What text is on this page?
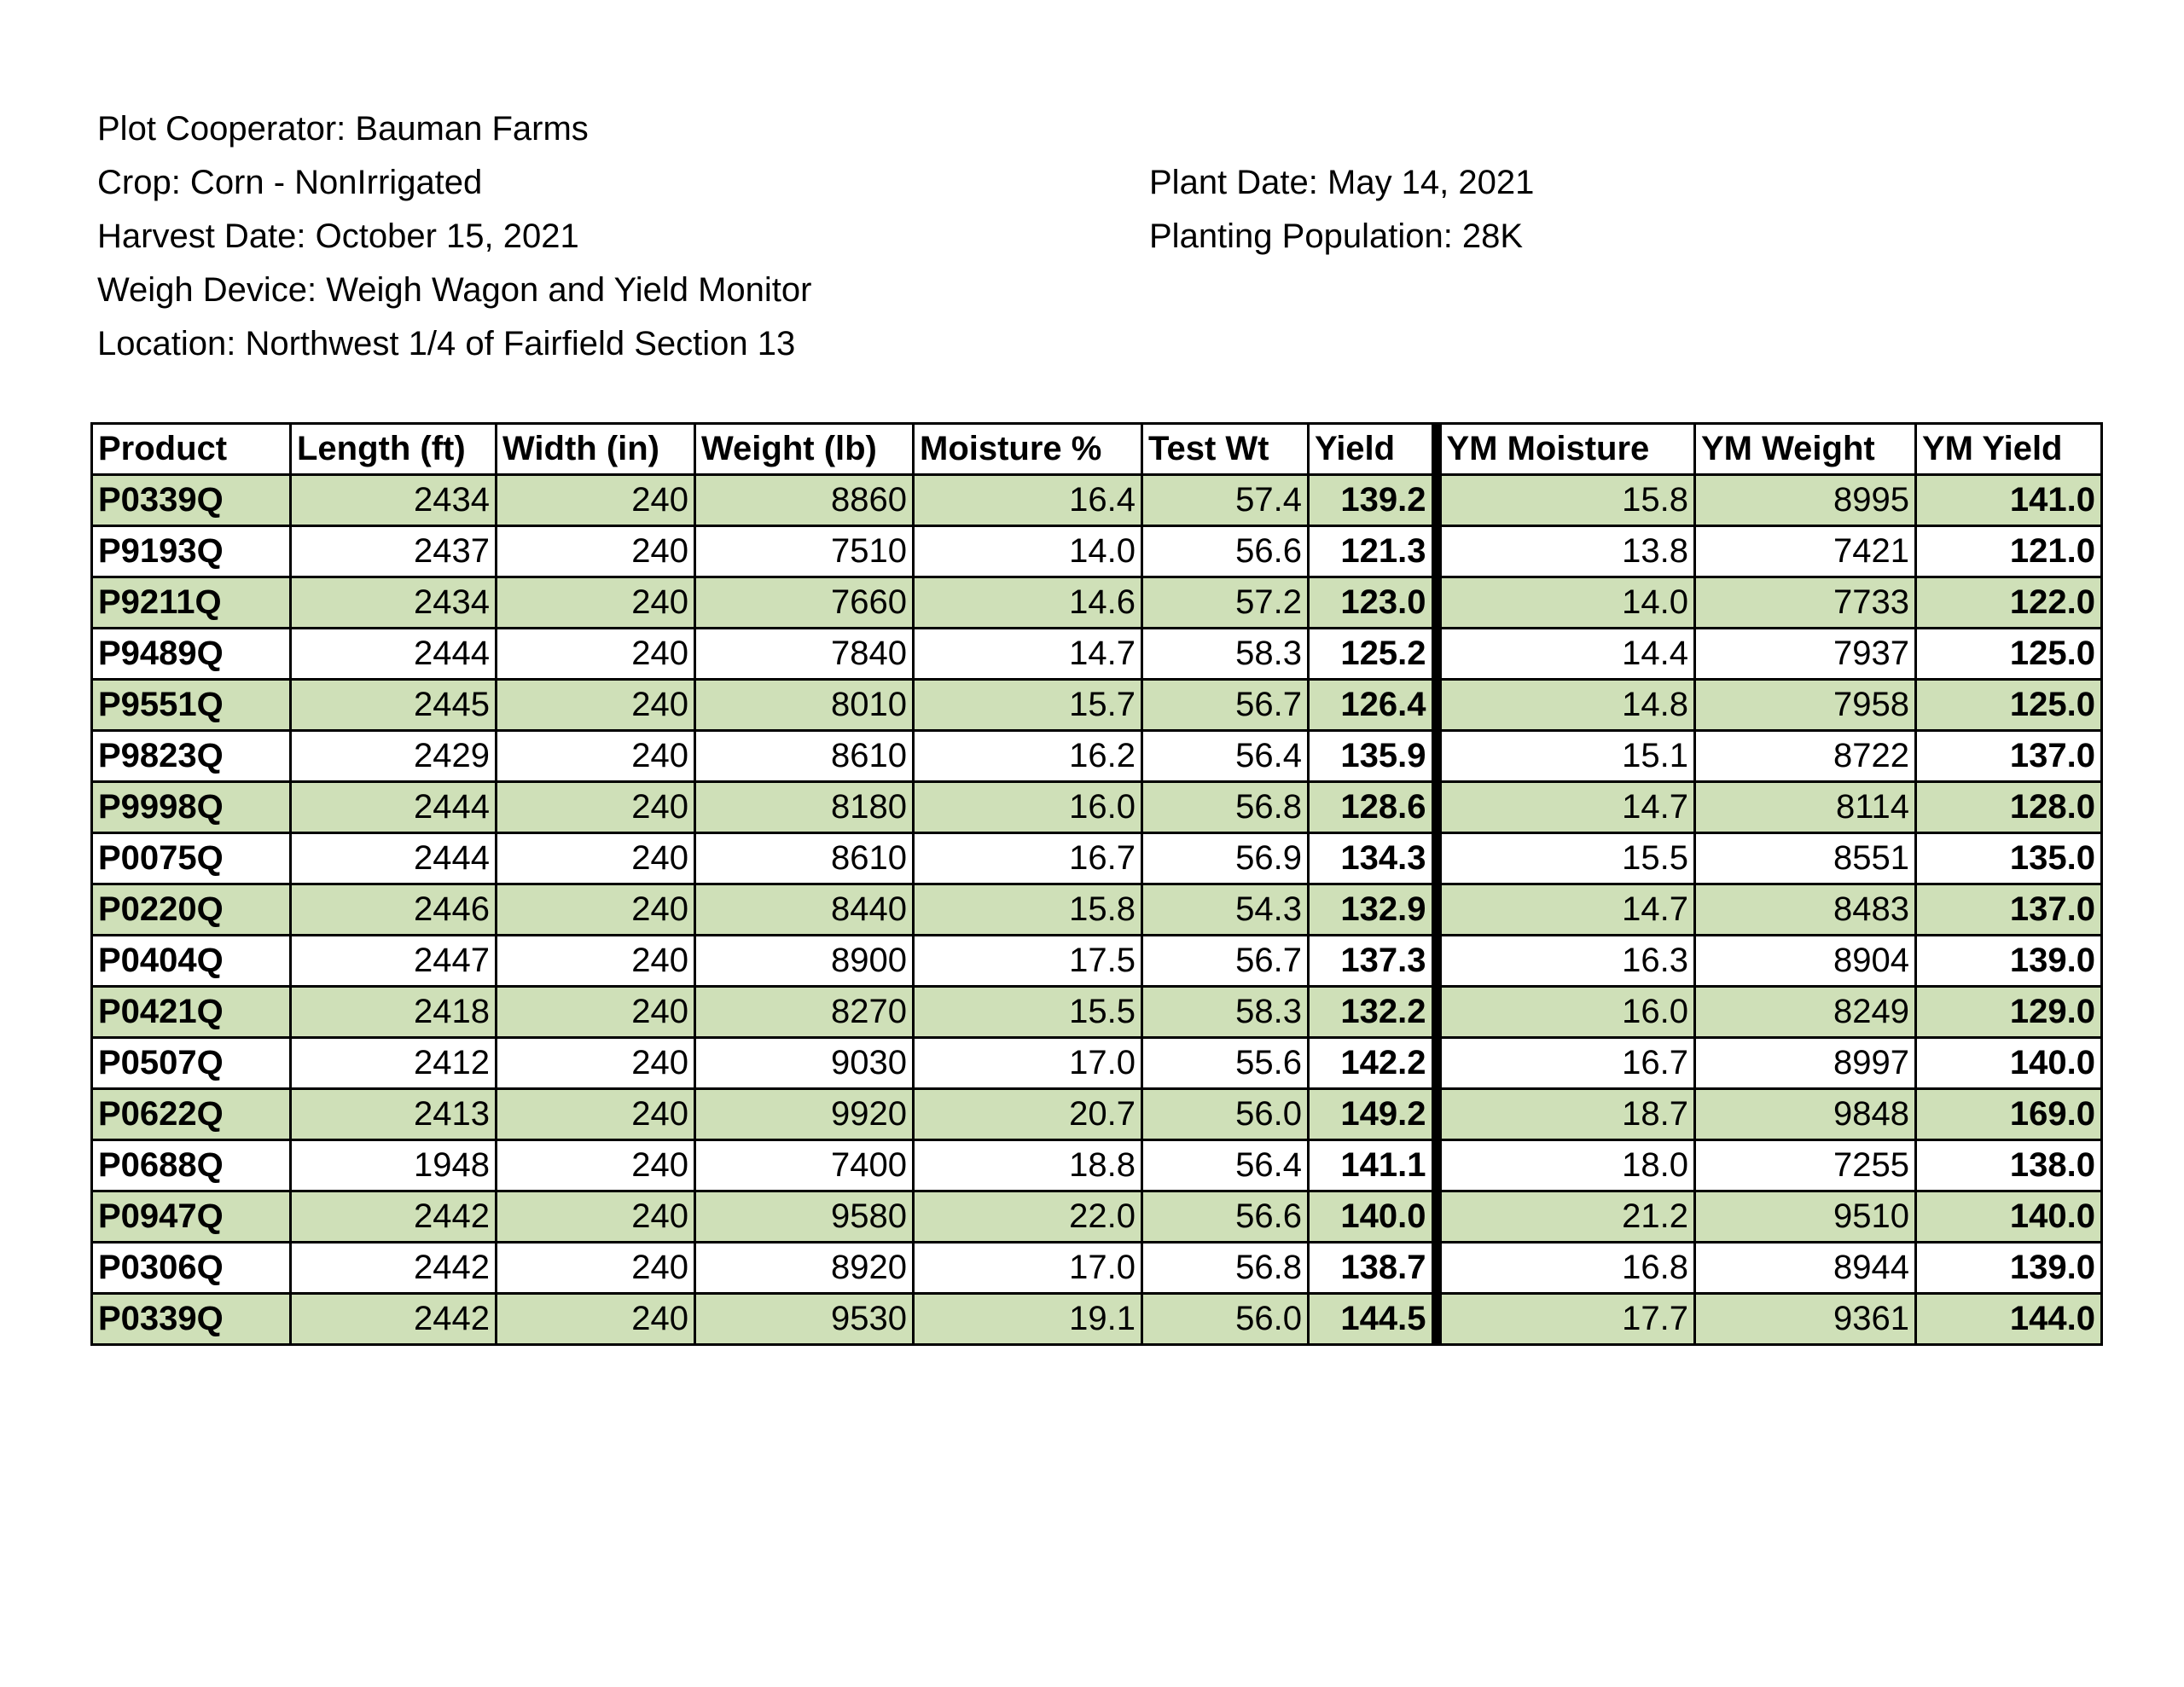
Plot Cooperator: Bauman Farms
Crop: Corn - NonIrrigated
Harvest Date: October 15, 2021
Weigh Device: Weigh Wagon and Yield Monitor
Location: Northwest 1/4 of Fairfield Section 13
Plant Date: May 14, 2021
Planting Population: 28K
Product	Length (ft)	Width (in)	Weight (lb)	Moisture %	Test Wt	Yield	YM Moisture	YM Weight	YM Yield
P0339Q	2434	240	8860	16.4	57.4	139.2	15.8	8995	141.0
P9193Q	2437	240	7510	14.0	56.6	121.3	13.8	7421	121.0
P9211Q	2434	240	7660	14.6	57.2	123.0	14.0	7733	122.0
P9489Q	2444	240	7840	14.7	58.3	125.2	14.4	7937	125.0
P9551Q	2445	240	8010	15.7	56.7	126.4	14.8	7958	125.0
P9823Q	2429	240	8610	16.2	56.4	135.9	15.1	8722	137.0
P9998Q	2444	240	8180	16.0	56.8	128.6	14.7	8114	128.0
P0075Q	2444	240	8610	16.7	56.9	134.3	15.5	8551	135.0
P0220Q	2446	240	8440	15.8	54.3	132.9	14.7	8483	137.0
P0404Q	2447	240	8900	17.5	56.7	137.3	16.3	8904	139.0
P0421Q	2418	240	8270	15.5	58.3	132.2	16.0	8249	129.0
P0507Q	2412	240	9030	17.0	55.6	142.2	16.7	8997	140.0
P0622Q	2413	240	9920	20.7	56.0	149.2	18.7	9848	169.0
P0688Q	1948	240	7400	18.8	56.4	141.1	18.0	7255	138.0
P0947Q	2442	240	9580	22.0	56.6	140.0	21.2	9510	140.0
P0306Q	2442	240	8920	17.0	56.8	138.7	16.8	8944	139.0
P0339Q	2442	240	9530	19.1	56.0	144.5	17.7	9361	144.0
